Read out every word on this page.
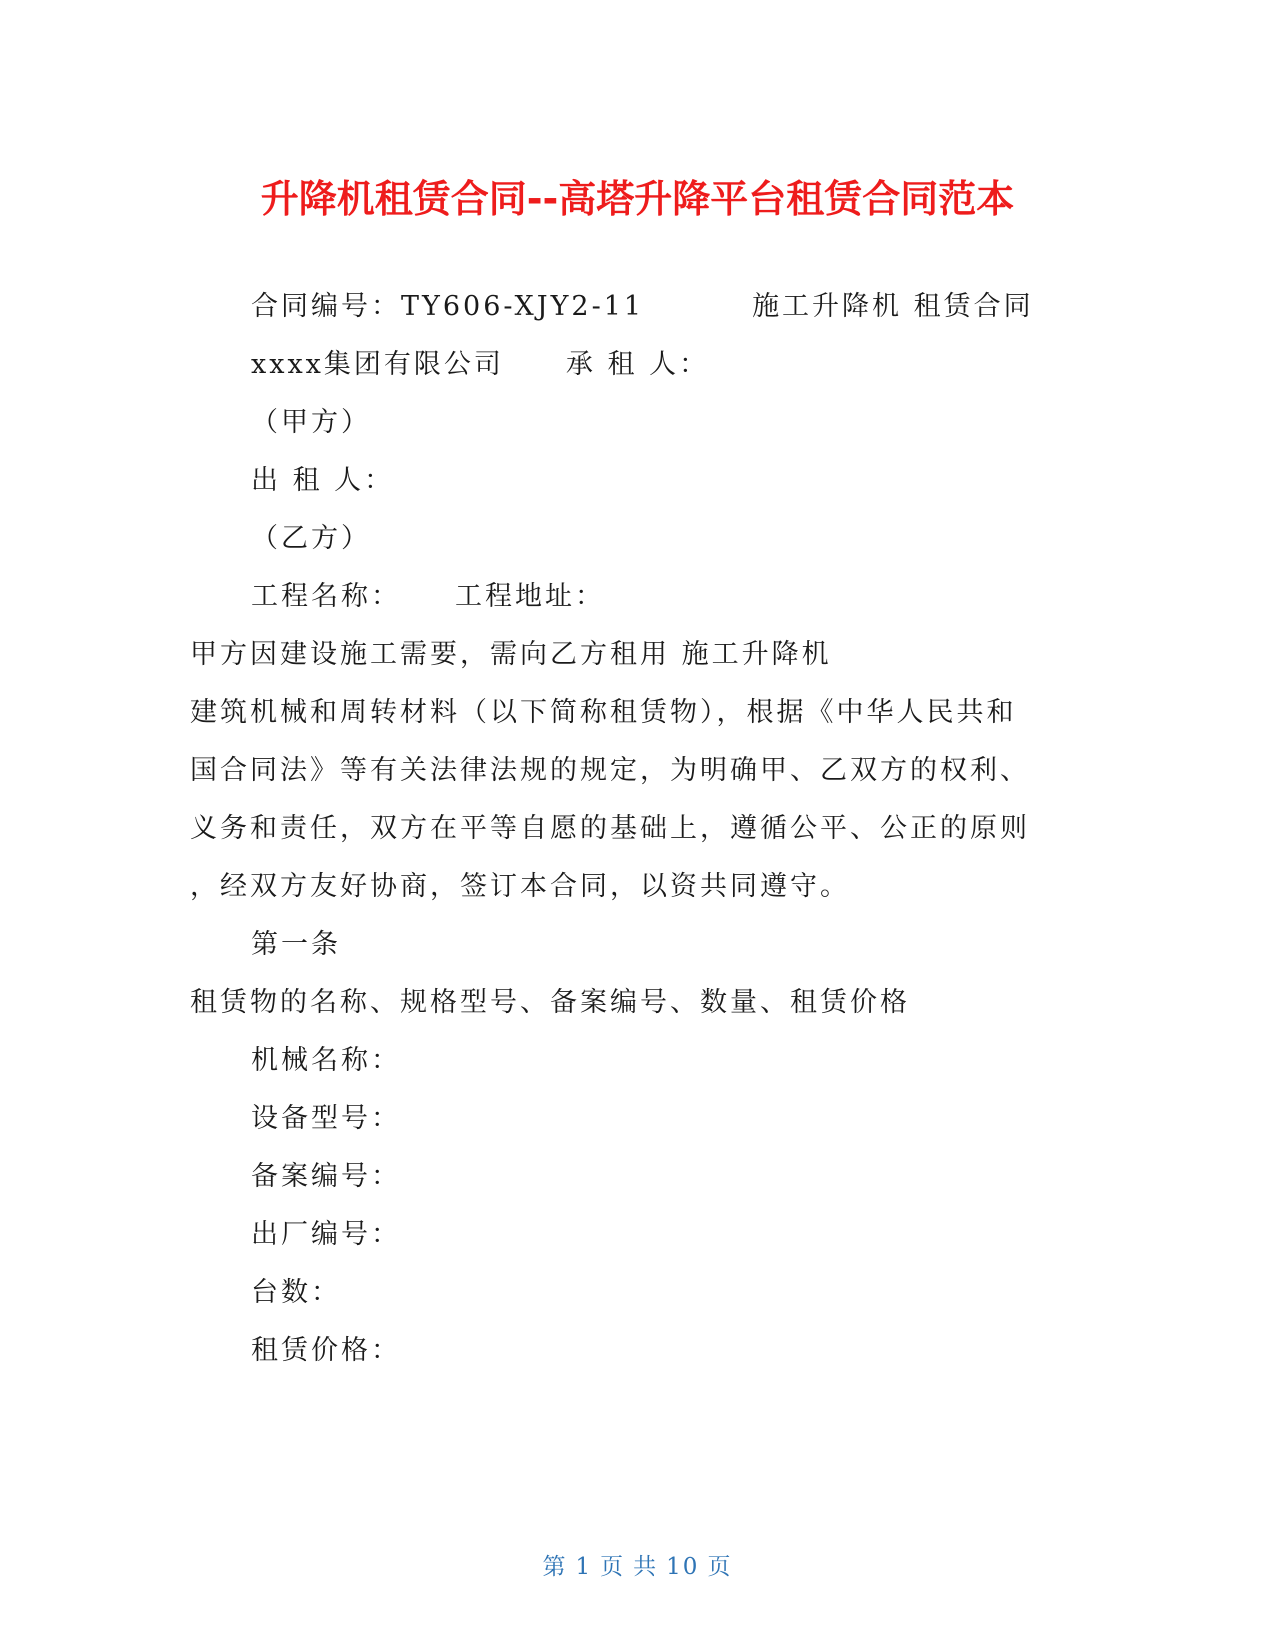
升降机租赁合同--高塔升降平台租赁合同范本
合同编号：TY606-XJY2-11	施工升降机 租赁合同
xxxx集团有限公司 承 租 人：
（甲方）
出 租 人：
（乙方）
工程名称： 工程地址：
甲方因建设施工需要，需向乙方租用 施工升降机
建筑机械和周转材料（以下简称租赁物），根据《中华人民共和
国合同法》等有关法律法规的规定，为明确甲、乙双方的权利、
义务和责任，双方在平等自愿的基础上，遵循公平、公正的原则
，经双方友好协商，签订本合同，以资共同遵守。
第一条
租赁物的名称、规格型号、备案编号、数量、租赁价格
机械名称：
设备型号：
备案编号：
出厂编号：
台数：
租赁价格：
第 1 页 共 10 页
